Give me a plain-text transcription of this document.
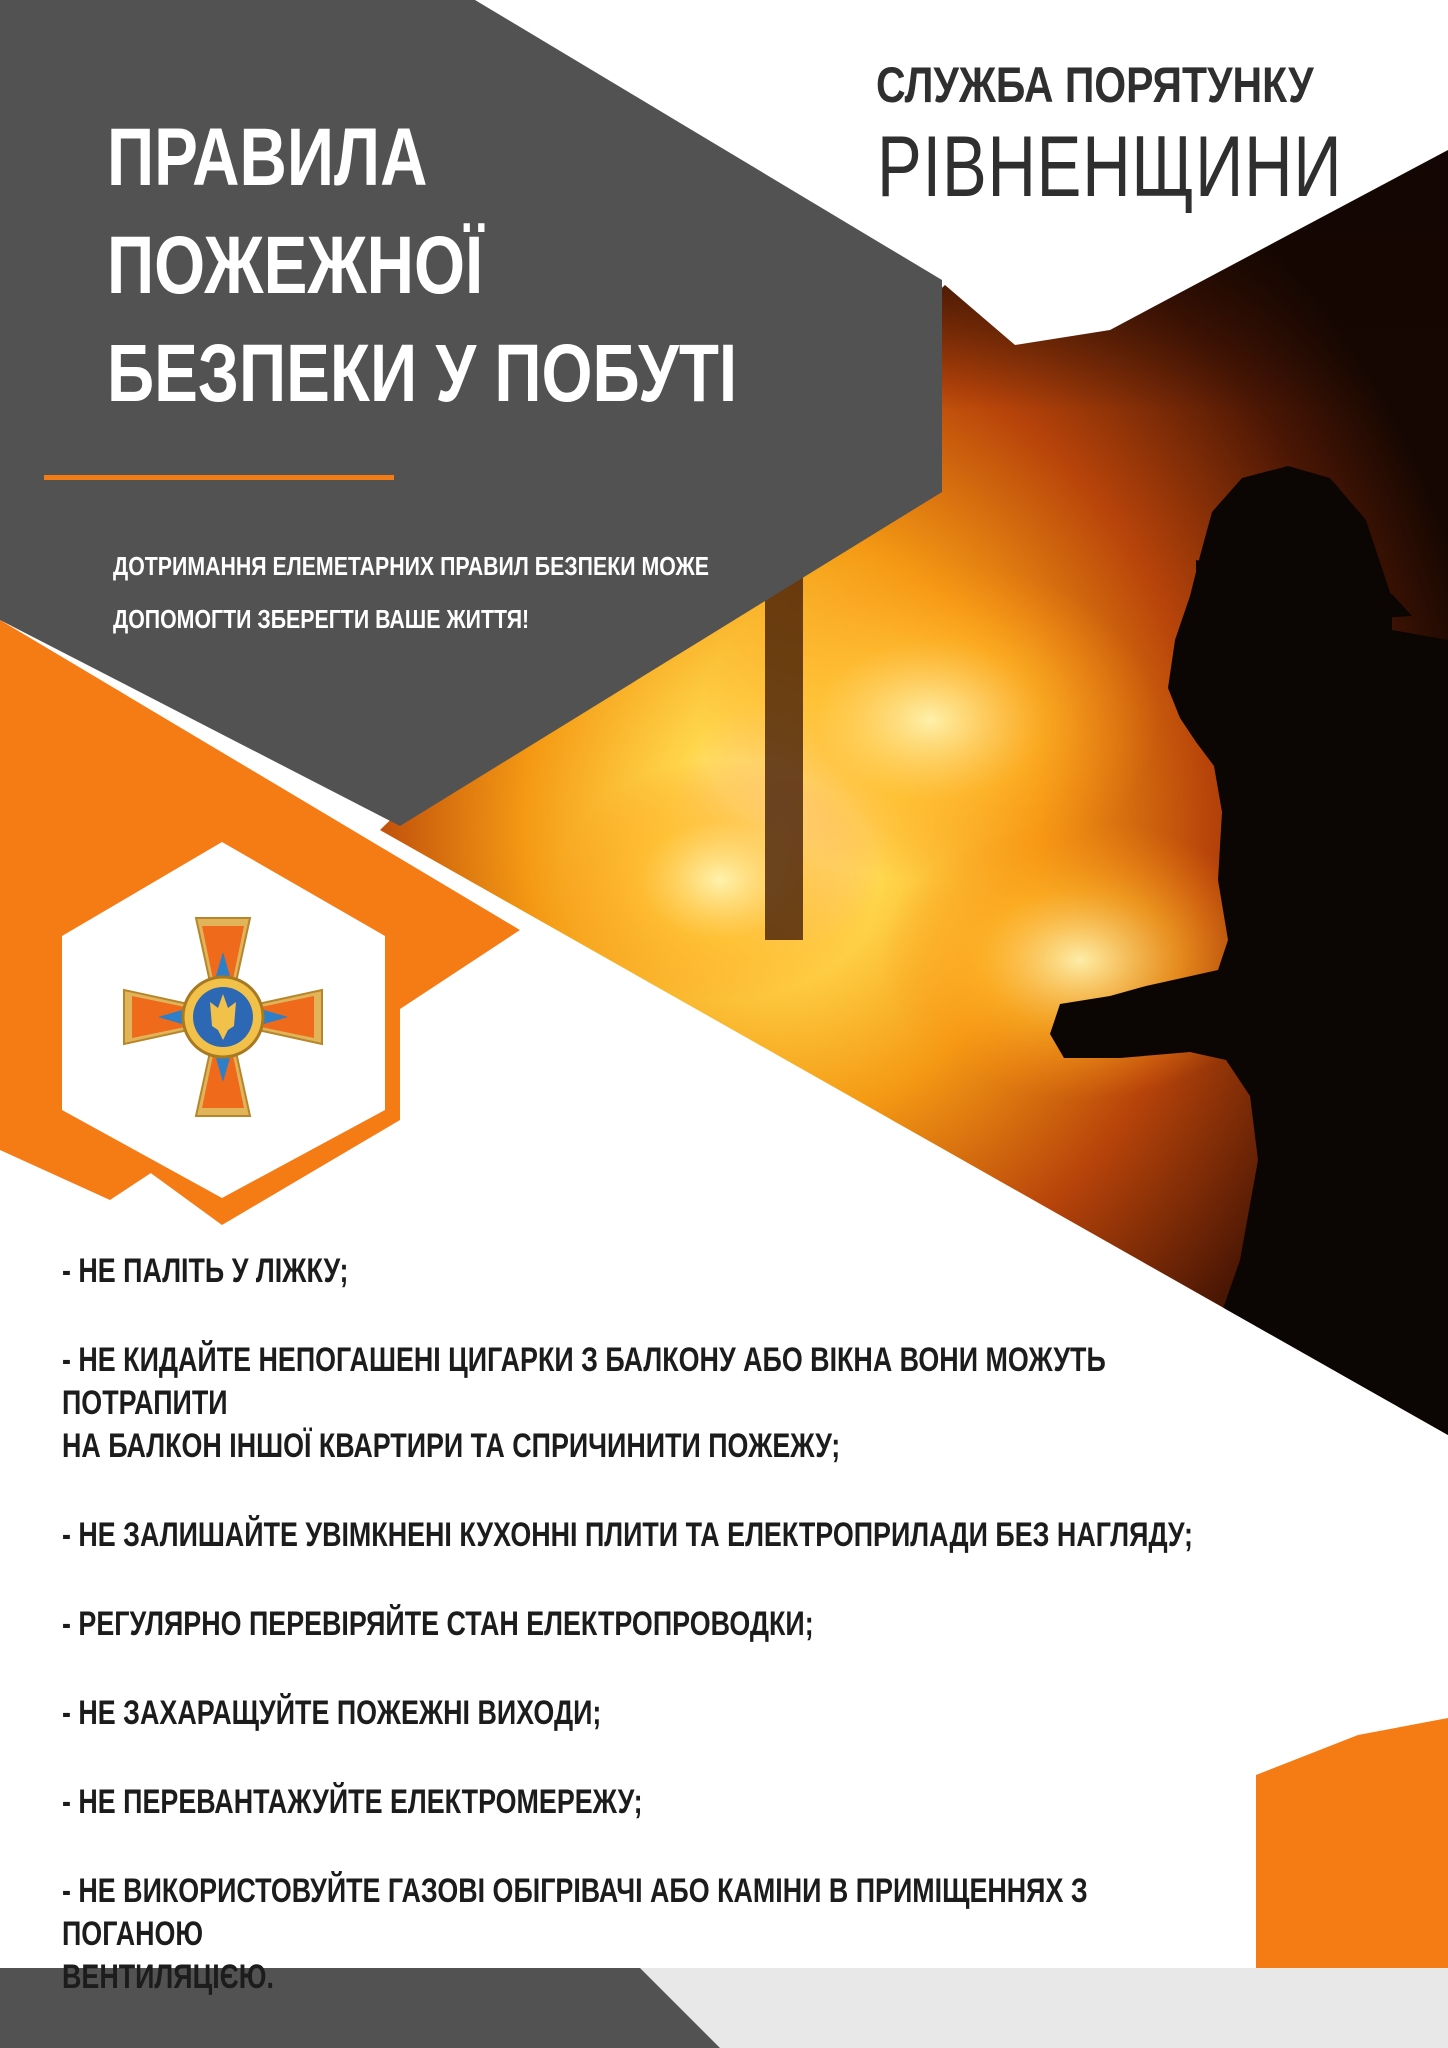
СЛУЖБА ПОРЯТУНКУ
РІВНЕНЩИНИ
ПРАВИЛА
ПОЖЕЖНОЇ
БЕЗПЕКИ У ПОБУТІ
ДОТРИМАННЯ ЕЛЕМЕТАРНИХ ПРАВИЛ БЕЗПЕКИ МОЖЕ
ДОПОМОГТИ ЗБЕРЕГТИ ВАШЕ ЖИТТЯ!

- НЕ ПАЛІТЬ У ЛІЖКУ;

- НЕ КИДАЙТЕ НЕПОГАШЕНІ ЦИГАРКИ З БАЛКОНУ АБО ВІКНА ВОНИ МОЖУТЬ ПОТРАПИТИ
НА БАЛКОН ІНШОЇ КВАРТИРИ ТА СПРИЧИНИТИ ПОЖЕЖУ;

- НЕ ЗАЛИШАЙТЕ УВІМКНЕНІ КУХОННІ ПЛИТИ ТА ЕЛЕКТРОПРИЛАДИ БЕЗ НАГЛЯДУ;

- РЕГУЛЯРНО ПЕРЕВІРЯЙТЕ СТАН ЕЛЕКТРОПРОВОДКИ;

- НЕ ЗАХАРАЩУЙТЕ ПОЖЕЖНІ ВИХОДИ;

- НЕ ПЕРЕВАНТАЖУЙТЕ ЕЛЕКТРОМЕРЕЖУ;

- НЕ ВИКОРИСТОВУЙТЕ ГАЗОВІ ОБІГРІВАЧІ АБО КАМІНИ В ПРИМІЩЕННЯХ З ПОГАНОЮ
ВЕНТИЛЯЦІЄЮ.
